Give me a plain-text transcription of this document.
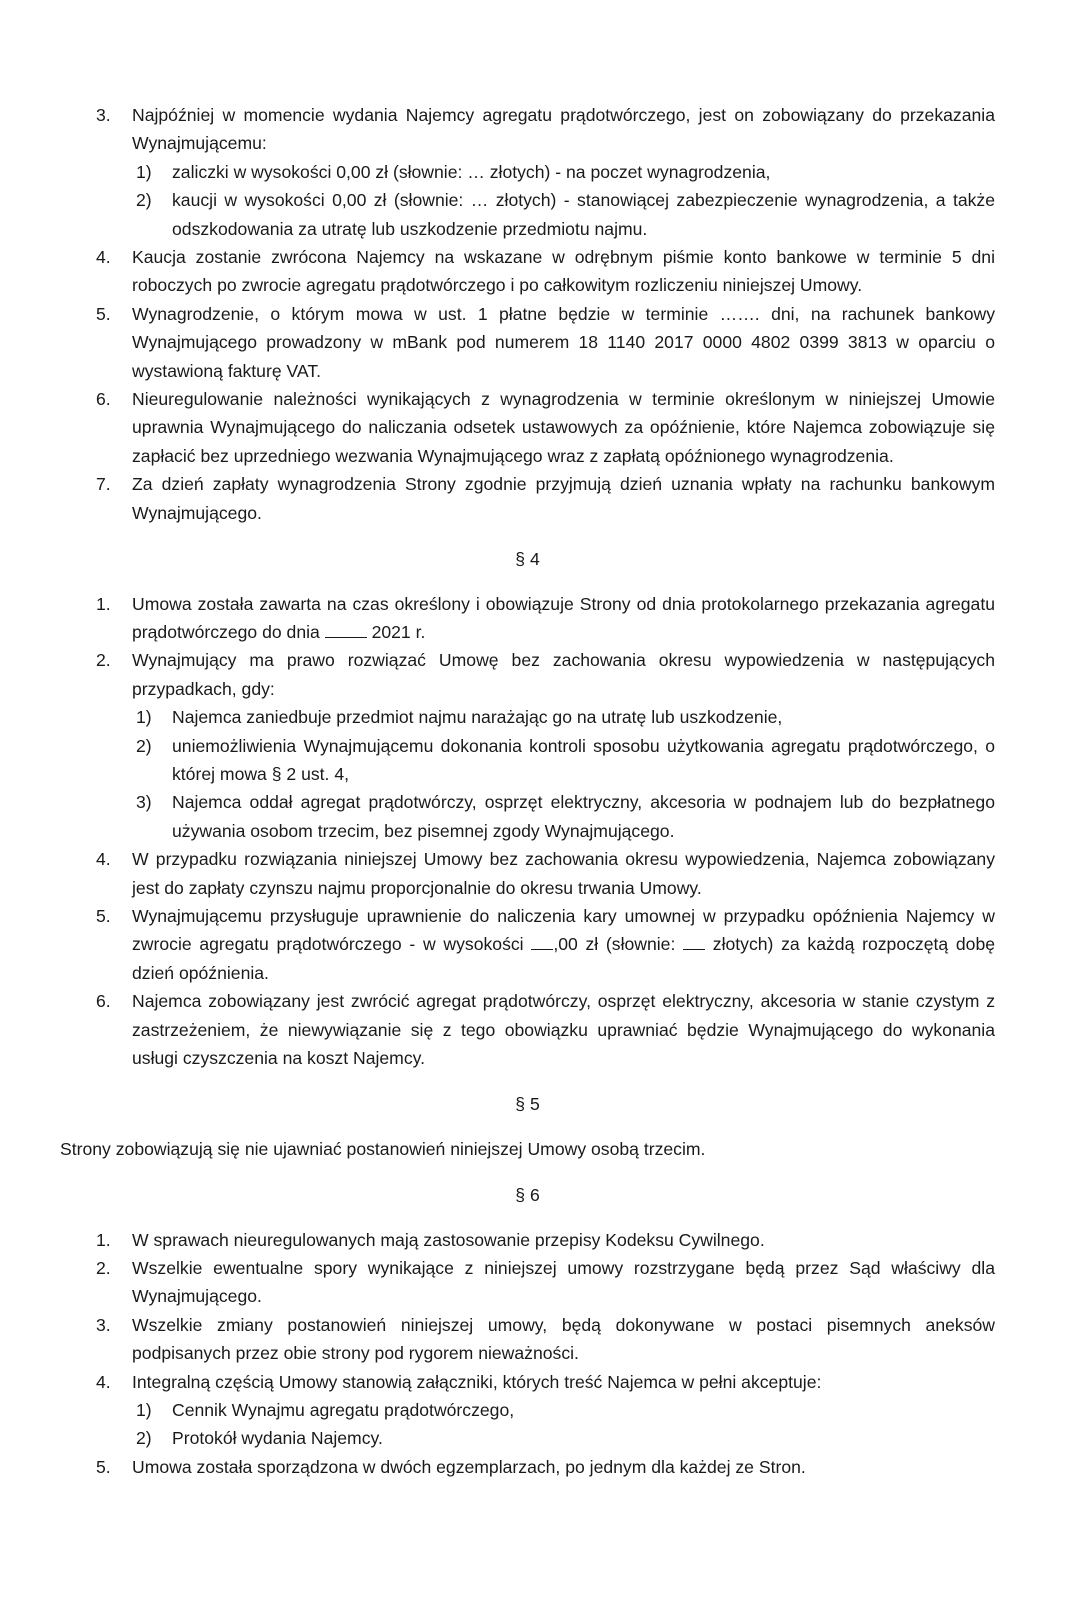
3.	Najpóźniej w momencie wydania Najemcy agregatu prądotwórczego, jest on zobowiązany do przekazania Wynajmującemu:
1)	zaliczki w wysokości 0,00 zł (słownie: … złotych) - na poczet wynagrodzenia,
2)	kaucji w wysokości 0,00 zł (słownie: … złotych) - stanowiącej zabezpieczenie wynagrodzenia, a także odszkodowania za utratę lub uszkodzenie przedmiotu najmu.
4.	Kaucja zostanie zwrócona Najemcy na wskazane w odrębnym piśmie konto bankowe w terminie 5 dni roboczych po zwrocie agregatu prądotwórczego i po całkowitym rozliczeniu niniejszej Umowy.
5.	Wynagrodzenie, o którym mowa w ust. 1 płatne będzie w terminie ……. dni, na rachunek bankowy Wynajmującego prowadzony w mBank pod numerem 18 1140 2017 0000 4802 0399 3813 w oparciu o wystawioną fakturę VAT.
6.	Nieuregulowanie należności wynikających z wynagrodzenia w terminie określonym w niniejszej Umowie uprawnia Wynajmującego do naliczania odsetek ustawowych za opóźnienie, które Najemca zobowiązuje się zapłacić bez uprzedniego wezwania Wynajmującego wraz z zapłatą opóźnionego wynagrodzenia.
7.	Za dzień zapłaty wynagrodzenia Strony zgodnie przyjmują dzień uznania wpłaty na rachunku bankowym Wynajmującego.
§ 4
1.	Umowa została zawarta na czas określony i obowiązuje Strony od dnia protokolarnego przekazania agregatu prądotwórczego do dnia  2021 r.
2.	Wynajmujący ma prawo rozwiązać Umowę bez zachowania okresu wypowiedzenia w następujących przypadkach, gdy:
1)	Najemca zaniedbuje przedmiot najmu narażając go na utratę lub uszkodzenie,
2)	uniemożliwienia Wynajmującemu dokonania kontroli sposobu użytkowania agregatu prądotwórczego, o której mowa § 2 ust. 4,
3)	Najemca oddał agregat prądotwórczy, osprzęt elektryczny, akcesoria w podnajem lub do bezpłatnego używania osobom trzecim, bez pisemnej zgody Wynajmującego.
4.	W przypadku rozwiązania niniejszej Umowy bez zachowania okresu wypowiedzenia, Najemca zobowiązany jest do zapłaty czynszu najmu proporcjonalnie do okresu trwania Umowy.
5.	Wynajmującemu przysługuje uprawnienie do naliczenia kary umownej w przypadku opóźnienia Najemcy w zwrocie agregatu prądotwórczego - w wysokości ,00 zł (słownie:  złotych) za każdą rozpoczętą dobę dzień opóźnienia.
6.	Najemca zobowiązany jest zwrócić agregat prądotwórczy, osprzęt elektryczny, akcesoria w stanie czystym z zastrzeżeniem, że niewywiązanie się z tego obowiązku uprawniać będzie Wynajmującego do wykonania usługi czyszczenia na koszt Najemcy.
§ 5
Strony zobowiązują się nie ujawniać postanowień niniejszej Umowy osobą trzecim.
§ 6
1.	W sprawach nieuregulowanych mają zastosowanie przepisy Kodeksu Cywilnego.
2.	Wszelkie ewentualne spory wynikające z niniejszej umowy rozstrzygane będą przez Sąd właściwy dla Wynajmującego.
3.	Wszelkie zmiany postanowień niniejszej umowy, będą dokonywane w postaci pisemnych aneksów podpisanych przez obie strony pod rygorem nieważności.
4.	Integralną częścią Umowy stanowią załączniki, których treść Najemca w pełni akceptuje:
1)	Cennik Wynajmu agregatu prądotwórczego,
2)	Protokół wydania Najemcy.
5.	Umowa została sporządzona w dwóch egzemplarzach, po jednym dla każdej ze Stron.
